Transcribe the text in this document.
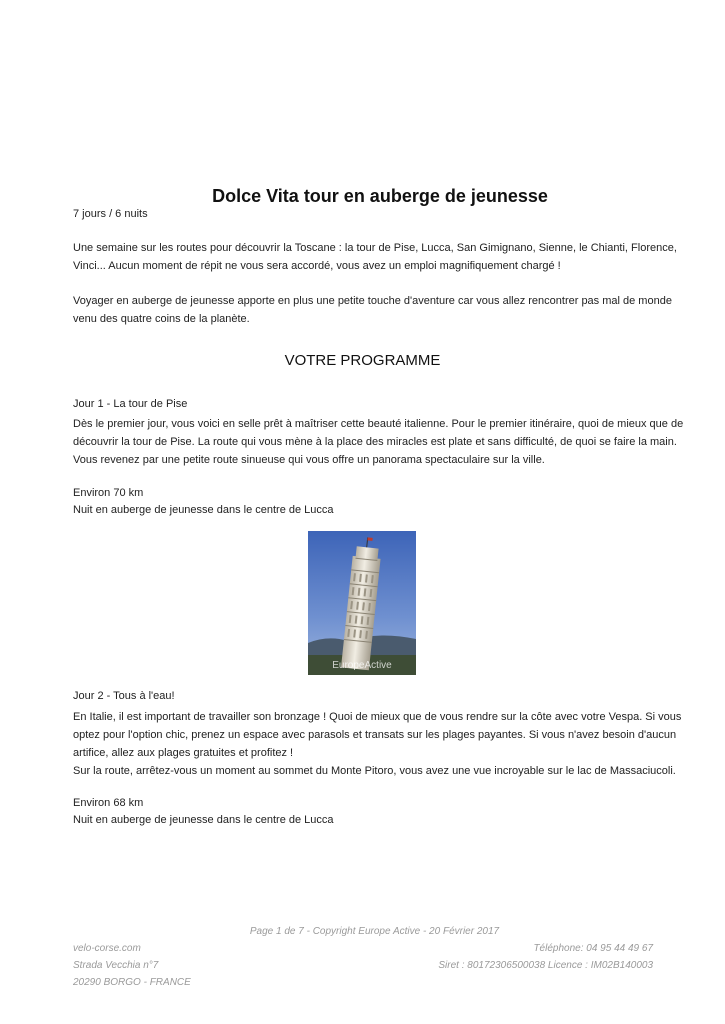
Dolce Vita tour en auberge de jeunesse
7 jours / 6 nuits
Une semaine sur les routes pour découvrir la Toscane : la tour de Pise, Lucca, San Gimignano, Sienne, le Chianti, Florence,
Vinci... Aucun moment de répit ne vous sera accordé, vous avez un emploi magnifiquement chargé !
Voyager en auberge de jeunesse apporte en plus une petite touche d'aventure car vous allez rencontrer pas mal de monde
venu des quatre coins de la planète.
VOTRE PROGRAMME
Jour 1 - La tour de Pise
Dès le premier jour, vous voici en selle prêt à maîtriser cette beauté italienne. Pour le premier itinéraire, quoi de mieux que de
découvrir la tour de Pise. La route qui vous mène à la place des miracles est plate et sans difficulté, de quoi se faire la main.
Vous revenez par une petite route sinueuse qui vous offre un panorama spectaculaire sur la ville.
Environ 70 km
Nuit en auberge de jeunesse dans le centre de Lucca
EuropeActive
Jour 2 - Tous à l'eau!
En Italie, il est important de travailler son bronzage ! Quoi de mieux que de vous rendre sur la côte avec votre Vespa. Si vous
optez pour l'option chic, prenez un espace avec parasols et transats sur les plages payantes. Si vous n'avez besoin d'aucun
artifice, allez aux plages gratuites et profitez !
Sur la route, arrêtez-vous un moment au sommet du Monte Pitoro, vous avez une vue incroyable sur le lac de Massaciucoli.
Environ 68 km
Nuit en auberge de jeunesse dans le centre de Lucca
Page 1 de 7 - Copyright Europe Active - 20 Février 2017
velo-corse.com
Strada Vecchia n°7
20290 BORGO - FRANCE
Téléphone: 04 95 44 49 67
Siret : 80172306500038 Licence : IM02B140003
